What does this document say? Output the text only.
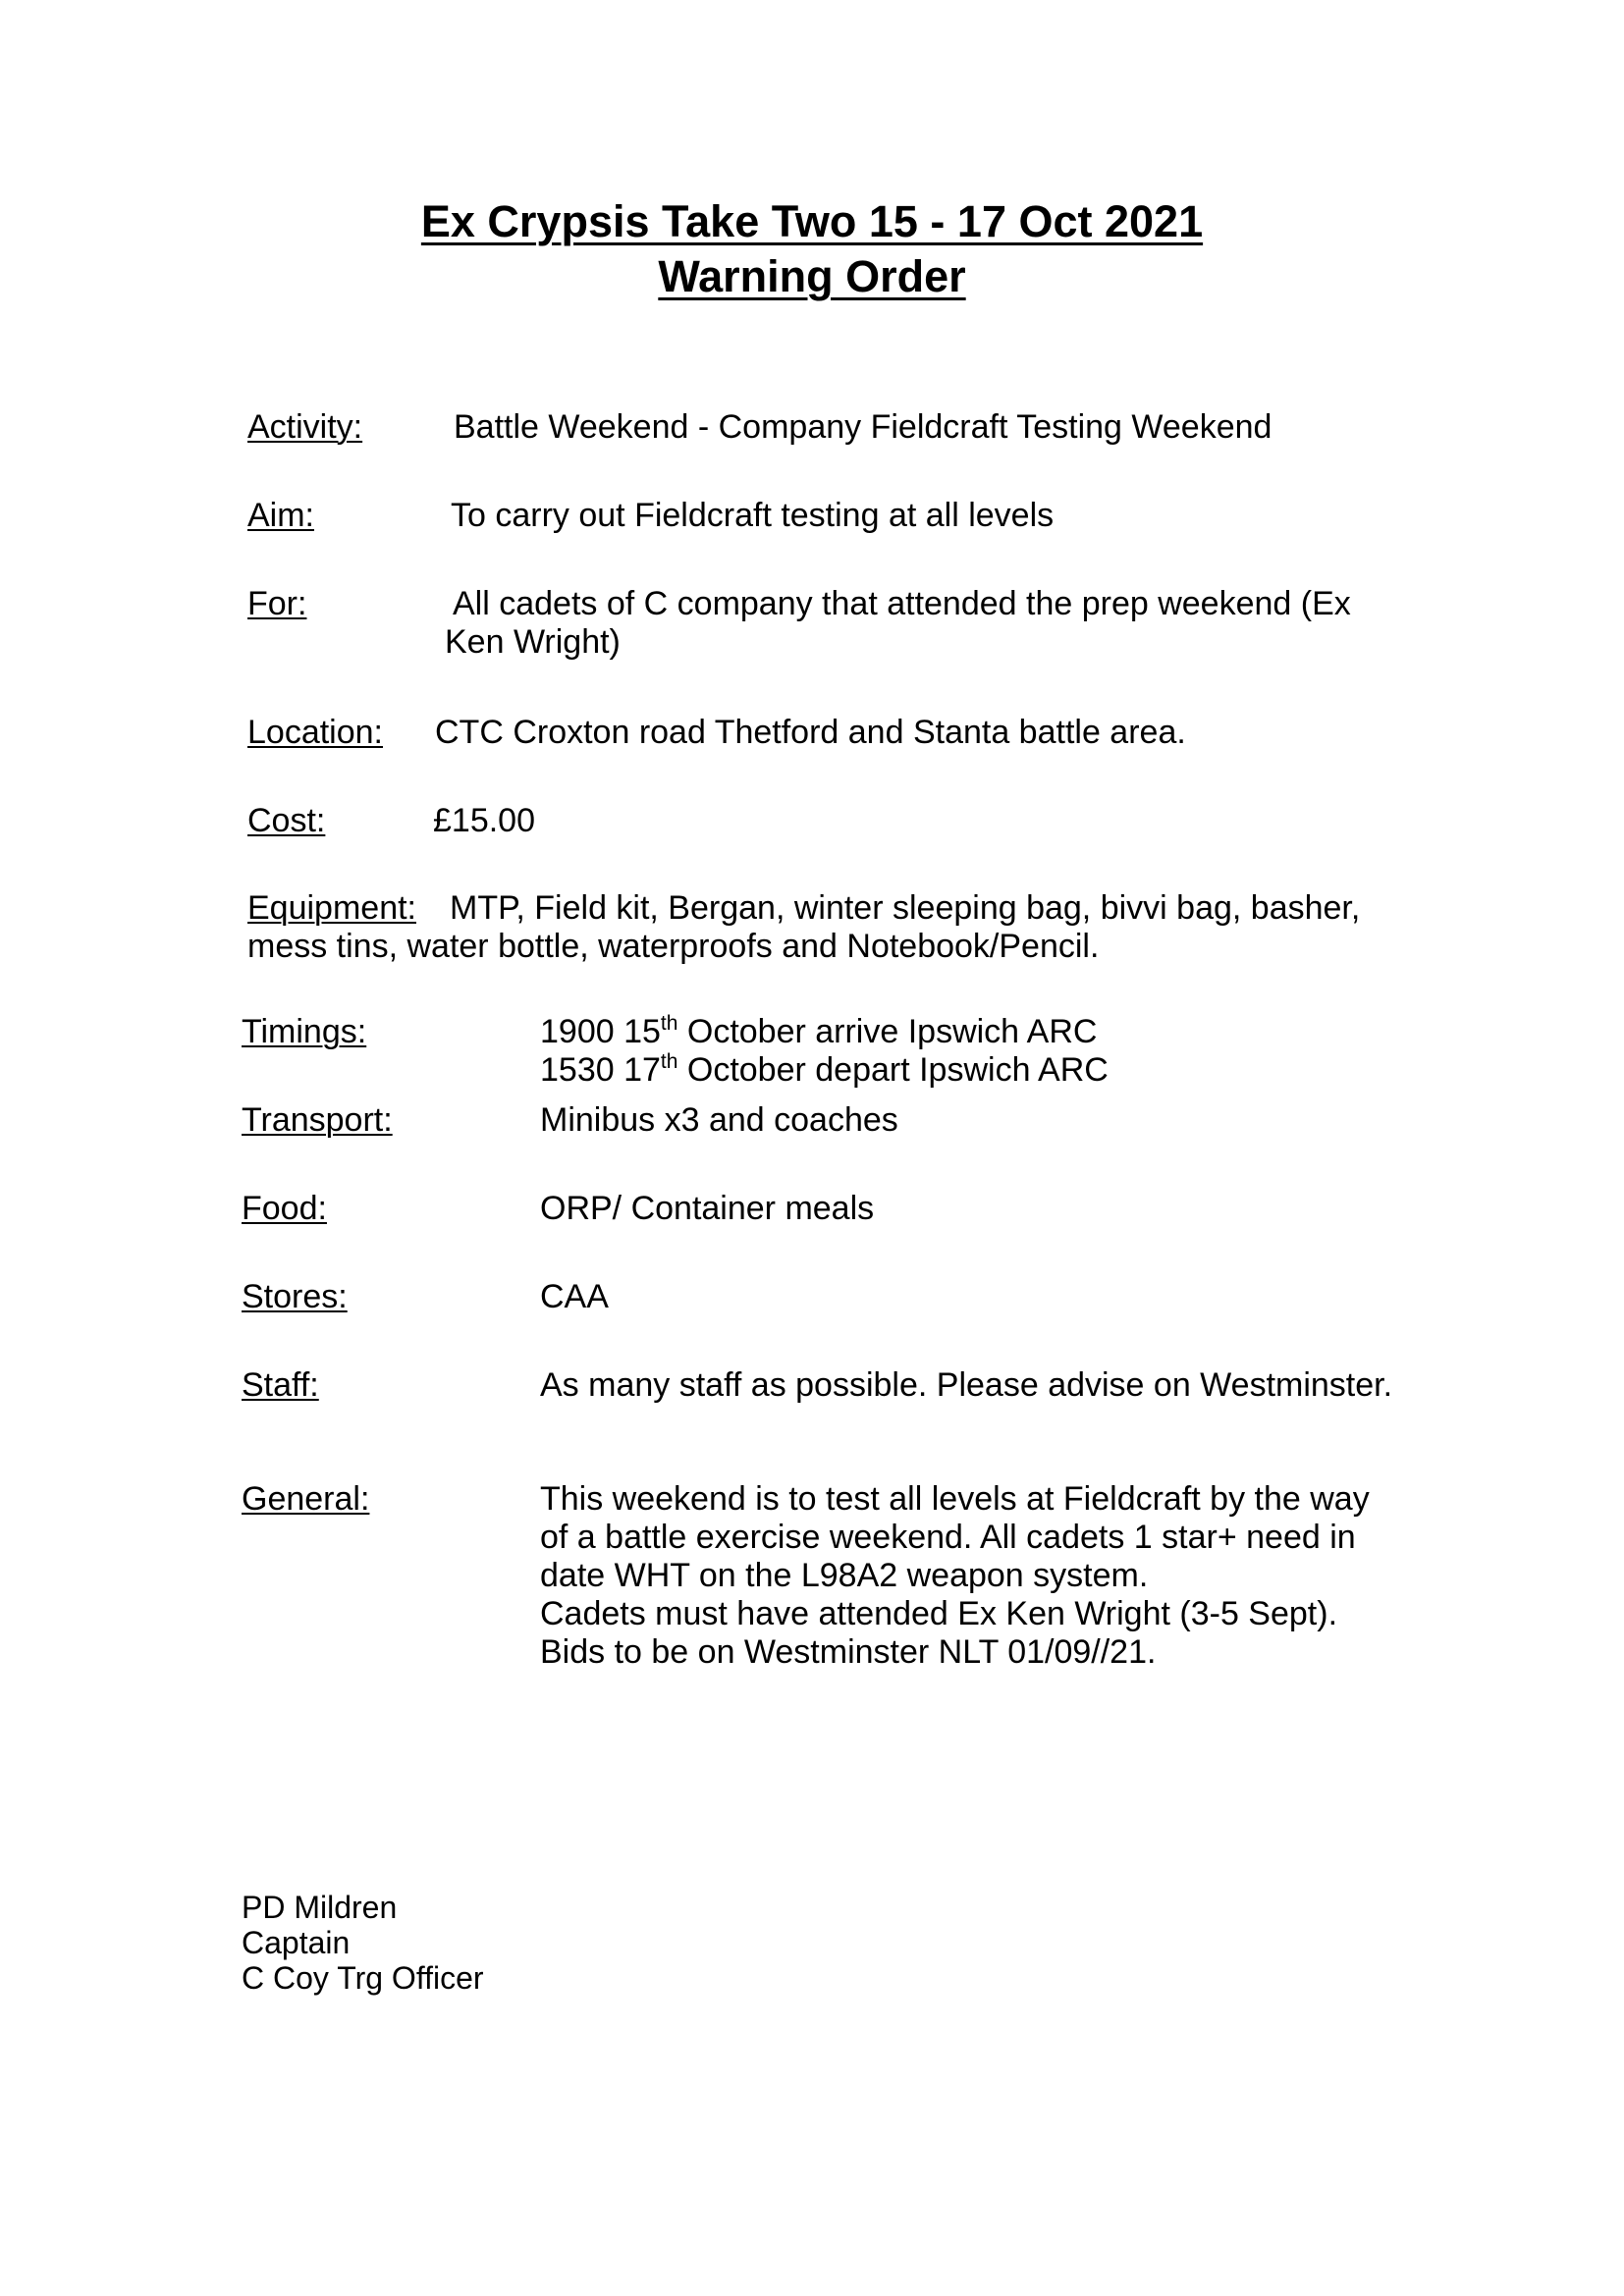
Ex Crypsis Take Two 15 - 17 Oct 2021
Warning Order
Activity:	Battle Weekend - Company Fieldcraft Testing Weekend
Aim:	To carry out Fieldcraft testing at all levels
For:	All cadets of C company that attended the prep weekend (Ex
Ken Wright)
Location: CTC Croxton road Thetford and Stanta battle area.
Cost:	£15.00
Equipment: MTP, Field kit, Bergan, winter sleeping bag, bivvi bag, basher,
mess tins, water bottle, waterproofs and Notebook/Pencil.
Timings:	1900 15th October arrive Ipswich ARC
1530 17th October depart Ipswich ARC
Transport:	Minibus x3 and coaches
Food:	ORP/ Container meals
Stores:	CAA
Staff:	As many staff as possible. Please advise on Westminster.
General:	This weekend is to test all levels at Fieldcraft by the way
of a battle exercise weekend. All cadets 1 star+ need in
date WHT on the L98A2 weapon system.
Cadets must have attended Ex Ken Wright (3-5 Sept).
Bids to be on Westminster NLT 01/09//21.
PD Mildren
Captain
C Coy Trg Officer
